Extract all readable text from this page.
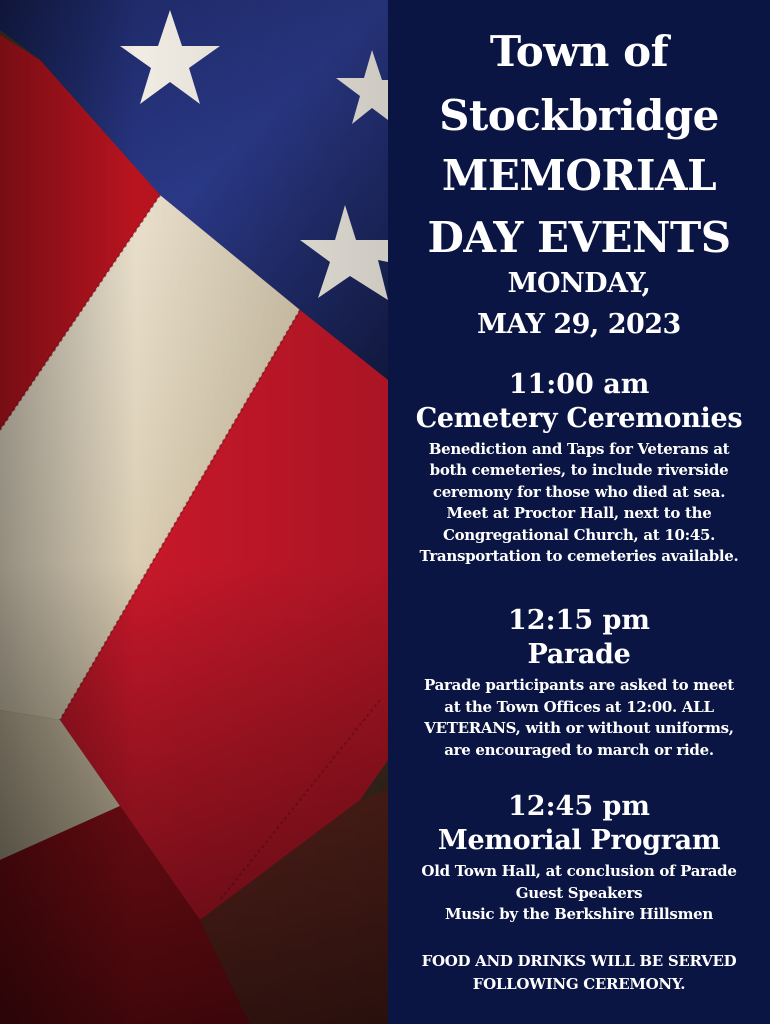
Town of
Stockbridge
MEMORIAL
DAY EVENTS
MONDAY,
MAY 29, 2023
11:00 am
Cemetery Ceremonies
Benediction and Taps for Veterans at
both cemeteries, to include riverside
ceremony for those who died at sea.
Meet at Proctor Hall, next to the
Congregational Church, at 10:45.
Transportation to cemeteries available.
12:15 pm
Parade
Parade participants are asked to meet
at the Town Offices at 12:00. ALL
VETERANS, with or without uniforms,
are encouraged to march or ride.
12:45 pm
Memorial Program
Old Town Hall, at conclusion of Parade
Guest Speakers
Music by the Berkshire Hillsmen
FOOD AND DRINKS WILL BE SERVED
FOLLOWING CEREMONY.
